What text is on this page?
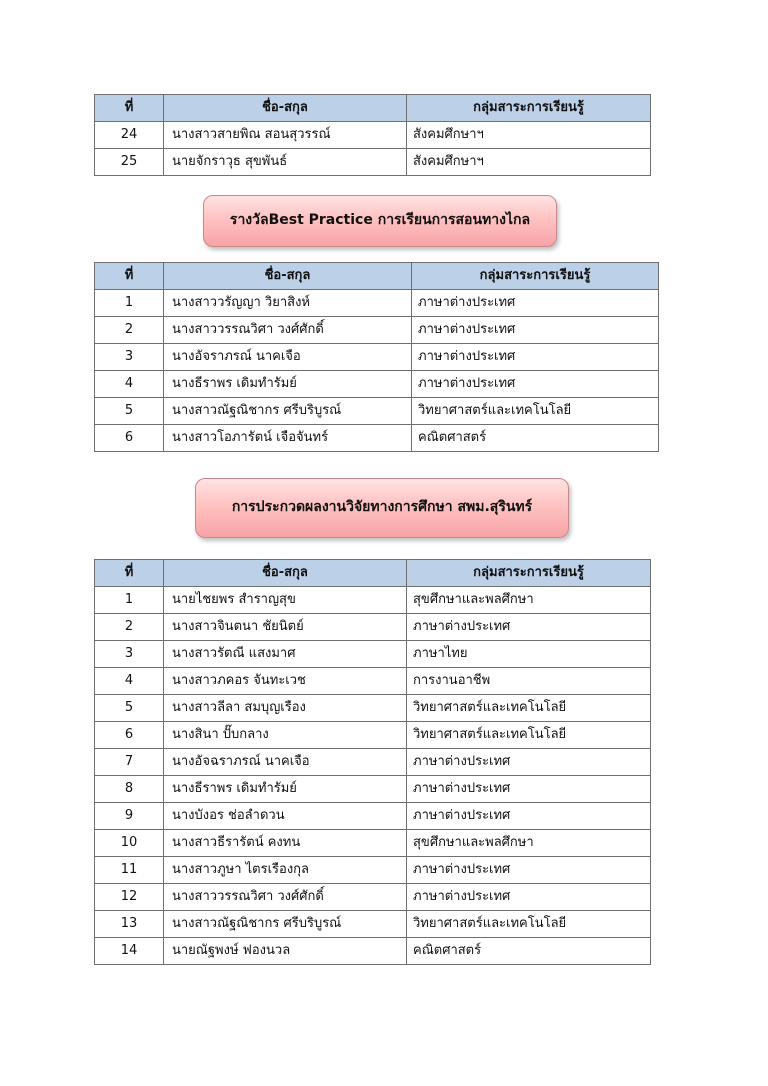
ที่	ชื่อ-สกุล	กลุ่มสาระการเรียนรู้
24	นางสาวสายพิณ สอนสุวรรณ์	สังคมศึกษาฯ
25	นายจักราวุธ สุขพันธ์	สังคมศึกษาฯ
รางวัลBest Practice การเรียนการสอนทางไกล
ที่	ชื่อ-สกุล	กลุ่มสาระการเรียนรู้
1	นางสาววรัญญา วิยาสิงห์	ภาษาต่างประเทศ
2	นางสาววรรณวิศา วงศ์ศักดิ์	ภาษาต่างประเทศ
3	นางอัจราภรณ์ นาคเจือ	ภาษาต่างประเทศ
4	นางธีราพร เดิมทำรัมย์	ภาษาต่างประเทศ
5	นางสาวณัฐณิชากร ศรีบริบูรณ์	วิทยาศาสตร์และเทคโนโลยี
6	นางสาวโอภารัตน์ เจือจันทร์	คณิตศาสตร์
การประกวดผลงานวิจัยทางการศึกษา สพม.สุรินทร์
ที่	ชื่อ-สกุล	กลุ่มสาระการเรียนรู้
1	นายไชยพร สำราญสุข	สุขศึกษาและพลศึกษา
2	นางสาวจินตนา ชัยนิตย์	ภาษาต่างประเทศ
3	นางสาวรัตณี แสงมาศ	ภาษาไทย
4	นางสาวภคอร จันทะเวช	การงานอาชีพ
5	นางสาวลีลา สมบุญเรือง	วิทยาศาสตร์และเทคโนโลยี
6	นางสินา ปั๊บกลาง	วิทยาศาสตร์และเทคโนโลยี
7	นางอัจฉราภรณ์ นาคเจือ	ภาษาต่างประเทศ
8	นางธีราพร เดิมทำรัมย์	ภาษาต่างประเทศ
9	นางบังอร ช่อลำดวน	ภาษาต่างประเทศ
10	นางสาวธีรารัตน์ คงทน	สุขศึกษาและพลศึกษา
11	นางสาวภูษา ไตรเรืองกุล	ภาษาต่างประเทศ
12	นางสาววรรณวิศา วงศ์ศักดิ์	ภาษาต่างประเทศ
13	นางสาวณัฐณิชากร ศรีบริบูรณ์	วิทยาศาสตร์และเทคโนโลยี
14	นายณัฐพงษ์ ฟองนวล	คณิตศาสตร์
